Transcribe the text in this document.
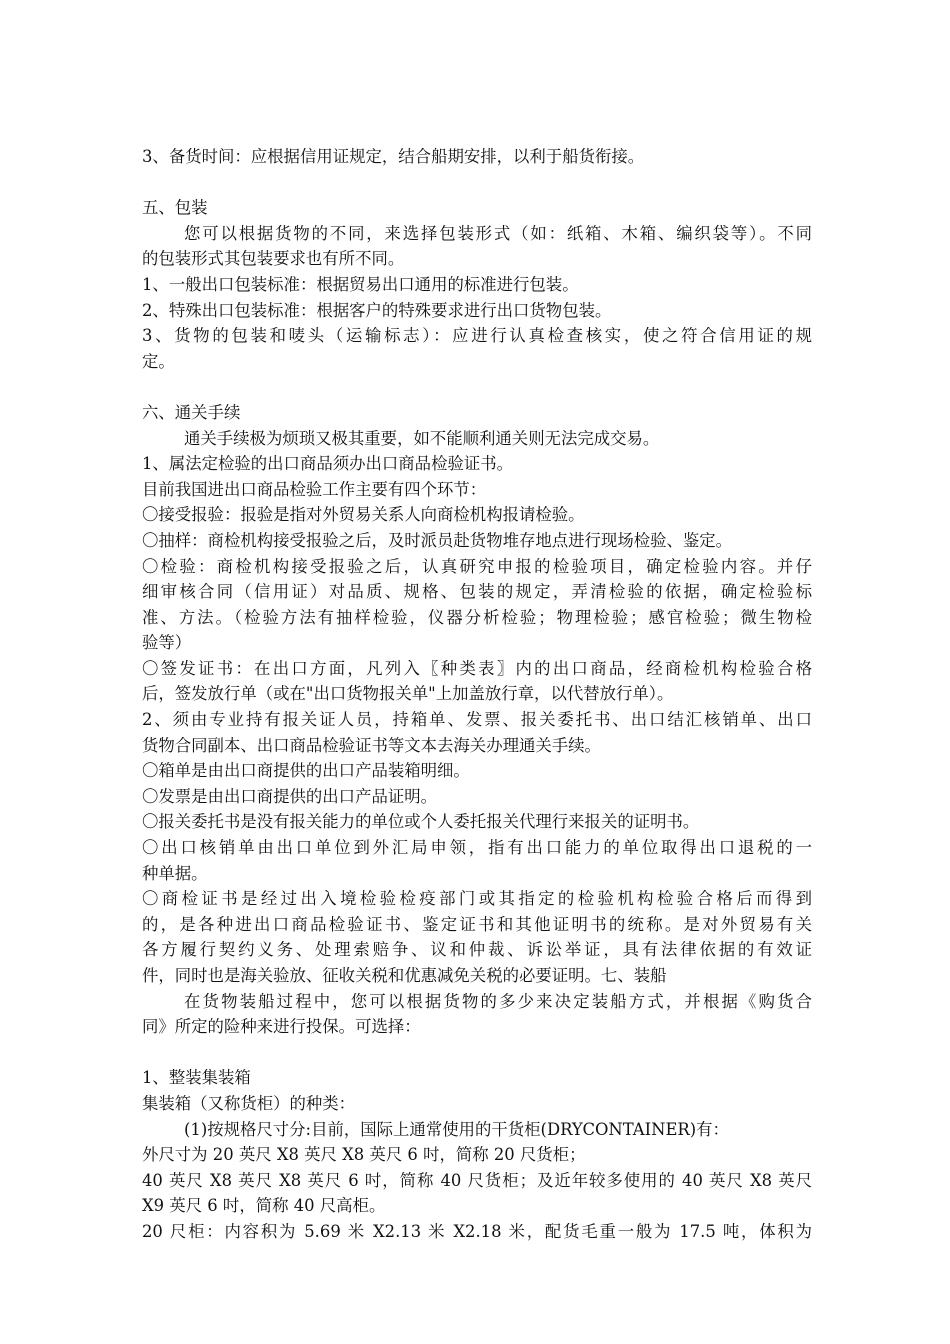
3、备货时间：应根据信用证规定，结合船期安排，以利于船货衔接。
五、包装
您可以根据货物的不同，来选择包装形式（如：纸箱、木箱、编织袋等）。不同
的包装形式其包装要求也有所不同。
1、一般出口包装标准：根据贸易出口通用的标准进行包装。
2、特殊出口包装标准：根据客户的特殊要求进行出口货物包装。
3、货物的包装和唛头（运输标志）：应进行认真检查核实，使之符合信用证的规
定。
六、通关手续
通关手续极为烦琐又极其重要，如不能顺利通关则无法完成交易。
1、属法定检验的出口商品须办出口商品检验证书。
目前我国进出口商品检验工作主要有四个环节：
〇接受报验：报验是指对外贸易关系人向商检机构报请检验。
〇抽样：商检机构接受报验之后，及时派员赴货物堆存地点进行现场检验、鉴定。
〇检验：商检机构接受报验之后，认真研究申报的检验项目，确定检验内容。并仔
细审核合同（信用证）对品质、规格、包装的规定，弄清检验的依据，确定检验标
准、方法。（检验方法有抽样检验，仪器分析检验；物理检验；感官检验；微生物检
验等）
〇签发证书：在出口方面，凡列入〖种类表〗内的出口商品，经商检机构检验合格
后，签发放行单（或在"出口货物报关单"上加盖放行章，以代替放行单）。
2、须由专业持有报关证人员，持箱单、发票、报关委托书、出口结汇核销单、出口
货物合同副本、出口商品检验证书等文本去海关办理通关手续。
〇箱单是由出口商提供的出口产品装箱明细。
〇发票是由出口商提供的出口产品证明。
〇报关委托书是没有报关能力的单位或个人委托报关代理行来报关的证明书。
〇出口核销单由出口单位到外汇局申领，指有出口能力的单位取得出口退税的一
种单据。
〇商检证书是经过出入境检验检疫部门或其指定的检验机构检验合格后而得到
的，是各种进出口商品检验证书、鉴定证书和其他证明书的统称。是对外贸易有关
各方履行契约义务、处理索赔争、议和仲裁、诉讼举证，具有法律依据的有效证
件，同时也是海关验放、征收关税和优惠减免关税的必要证明。七、装船
在货物装船过程中，您可以根据货物的多少来决定装船方式，并根据《购货合
同》所定的险种来进行投保。可选择：
1、整装集装箱
集装箱（又称货柜）的种类：
(1)按规格尺寸分:目前，国际上通常使用的干货柜(DRYCONTAINER)有：
外尺寸为 20 英尺 X8 英尺 X8 英尺 6 吋，简称 20 尺货柜；
40 英尺 X8 英尺 X8 英尺 6 吋，简称 40 尺货柜；及近年较多使用的 40 英尺 X8 英尺
X9 英尺 6 吋，简称 40 尺高柜。
20 尺柜：内容积为 5.69 米 X2.13 米 X2.18 米，配货毛重一般为 17.5 吨，体积为
